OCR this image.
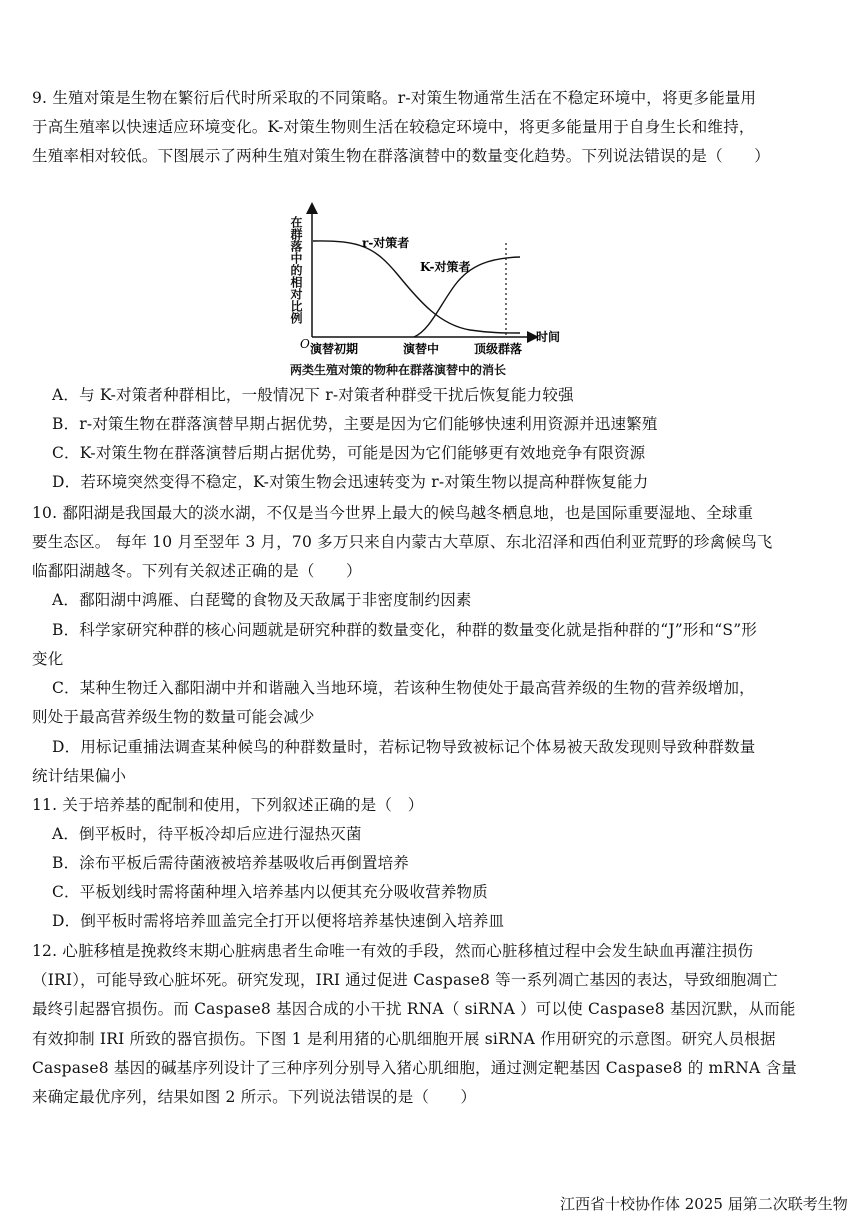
9. 生殖对策是生物在繁衍后代时所采取的不同策略。r-对策生物通常生活在不稳定环境中，将更多能量用
于高生殖率以快速适应环境变化。K-对策生物则生活在较稳定环境中，将更多能量用于自身生长和维持，
生殖率相对较低。下图展示了两种生殖对策生物在群落演替中的数量变化趋势。下列说法错误的是（　　）
在群落中的相对比例
O	时间
r-对策者
K-对策者
演替初期	演替中	顶级群落
两类生殖对策的物种在群落演替中的消长
A．与 K-对策者种群相比，一般情况下 r-对策者种群受干扰后恢复能力较强
B．r-对策生物在群落演替早期占据优势，主要是因为它们能够快速利用资源并迅速繁殖
C．K-对策生物在群落演替后期占据优势，可能是因为它们能够更有效地竞争有限资源
D．若环境突然变得不稳定，K-对策生物会迅速转变为 r-对策生物以提高种群恢复能力
10. 鄱阳湖是我国最大的淡水湖，不仅是当今世界上最大的候鸟越冬栖息地，也是国际重要湿地、全球重
要生态区。 每年 10 月至翌年 3 月，70 多万只来自内蒙古大草原、东北沼泽和西伯利亚荒野的珍禽候鸟飞
临鄱阳湖越冬。下列有关叙述正确的是（　　）
A．鄱阳湖中鸿雁、白琵鹭的食物及天敌属于非密度制约因素
B．科学家研究种群的核心问题就是研究种群的数量变化，种群的数量变化就是指种群的“J”形和“S”形
变化
C．某种生物迁入鄱阳湖中并和谐融入当地环境，若该种生物使处于最高营养级的生物的营养级增加，
则处于最高营养级生物的数量可能会减少
D．用标记重捕法调查某种候鸟的种群数量时，若标记物导致被标记个体易被天敌发现则导致种群数量
统计结果偏小
11. 关于培养基的配制和使用，下列叙述正确的是（　）
A．倒平板时，待平板冷却后应进行湿热灭菌
B．涂布平板后需待菌液被培养基吸收后再倒置培养
C．平板划线时需将菌种埋入培养基内以便其充分吸收营养物质
D．倒平板时需将培养皿盖完全打开以便将培养基快速倒入培养皿
12. 心脏移植是挽救终末期心脏病患者生命唯一有效的手段，然而心脏移植过程中会发生缺血再灌注损伤
（IRI），可能导致心脏坏死。研究发现，IRI 通过促进 Caspase8 等一系列凋亡基因的表达，导致细胞凋亡
最终引起器官损伤。而 Caspase8 基因合成的小干扰 RNA（ siRNA ）可以使 Caspase8 基因沉默，从而能
有效抑制 IRI 所致的器官损伤。下图 1 是利用猪的心肌细胞开展 siRNA 作用研究的示意图。研究人员根据
Caspase8 基因的碱基序列设计了三种序列分别导入猪心肌细胞，通过测定靶基因 Caspase8 的 mRNA 含量
来确定最优序列，结果如图 2 所示。下列说法错误的是（　　）
江西省十校协作体 2025 届第二次联考生物
